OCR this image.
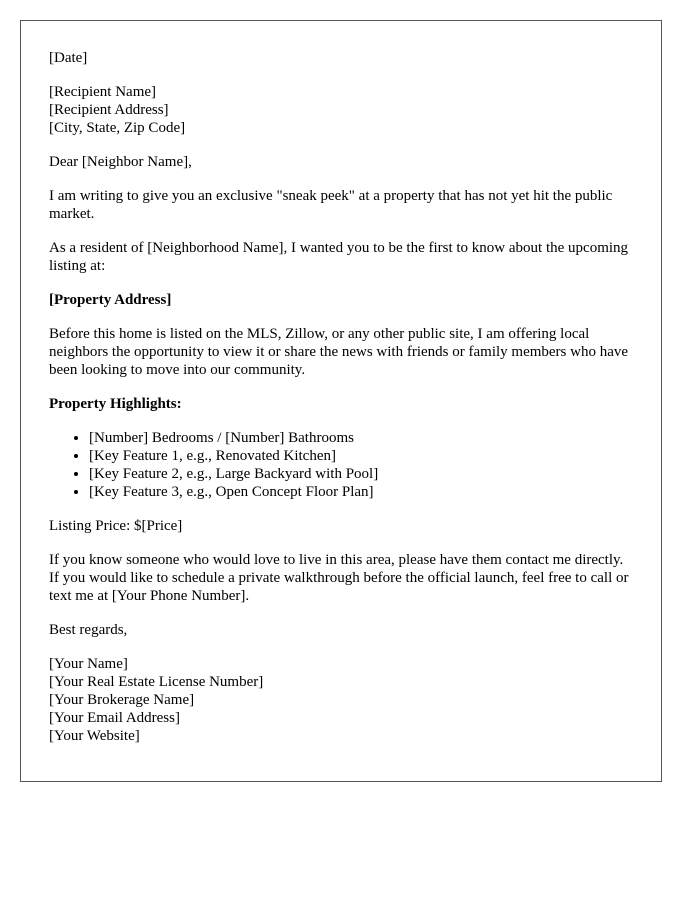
[Date]

[Recipient Name]
[Recipient Address]
[City, State, Zip Code]

Dear [Neighbor Name],

I am writing to give you an exclusive "sneak peek" at a property that has not yet hit the public market.

As a resident of [Neighborhood Name], I wanted you to be the first to know about the upcoming listing at:

[Property Address]

Before this home is listed on the MLS, Zillow, or any other public site, I am offering local neighbors the opportunity to view it or share the news with friends or family members who have been looking to move into our community.

Property Highlights:

• [Number] Bedrooms / [Number] Bathrooms
• [Key Feature 1, e.g., Renovated Kitchen]
• [Key Feature 2, e.g., Large Backyard with Pool]
• [Key Feature 3, e.g., Open Concept Floor Plan]

Listing Price: $[Price]

If you know someone who would love to live in this area, please have them contact me directly. If you would like to schedule a private walkthrough before the official launch, feel free to call or text me at [Your Phone Number].

Best regards,

[Your Name]
[Your Real Estate License Number]
[Your Brokerage Name]
[Your Email Address]
[Your Website]
